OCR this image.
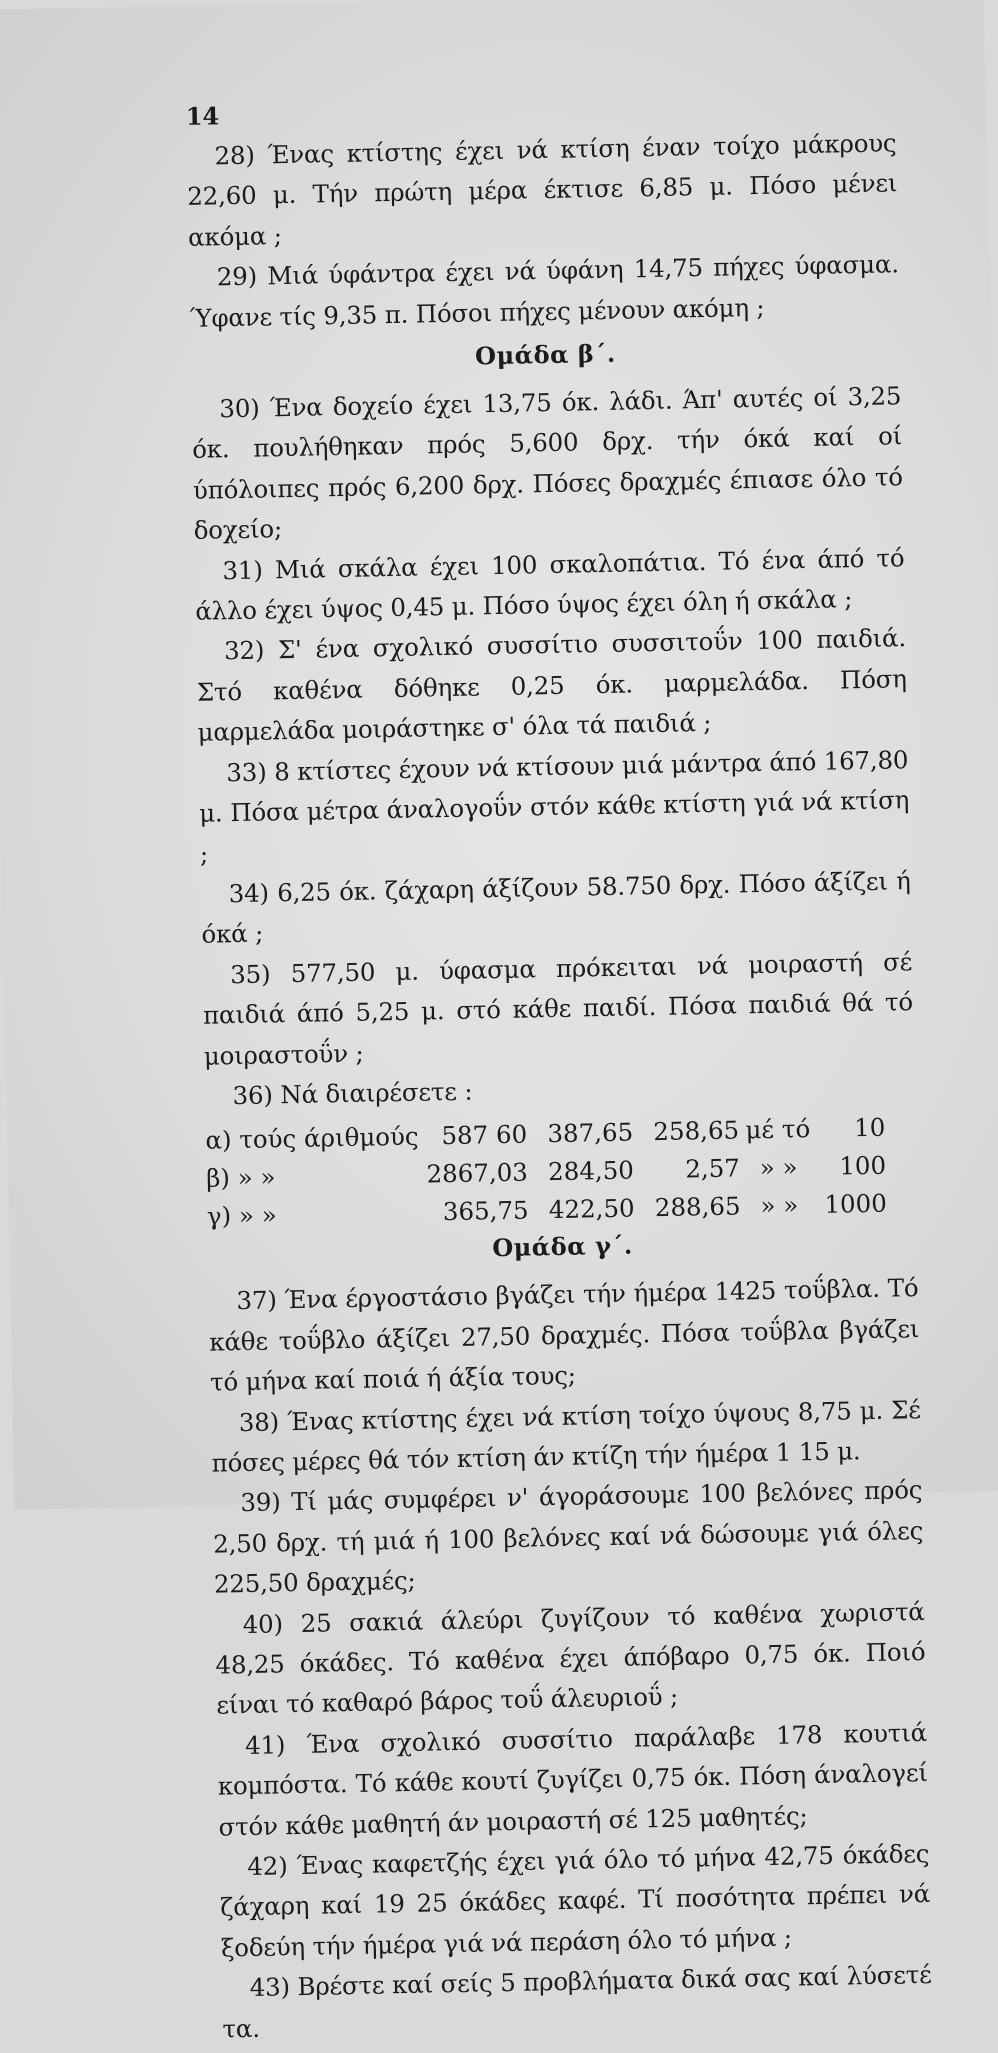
14

28) Ένας κτίστης έχει νά κτίση έναν τοίχο μάκρους 22,60 μ. Τήν πρώτη μέρα έκτισε 6,85 μ. Πόσο μένει ακόμα ;

29) Μιά ύφάντρα έχει νά ύφάνη 14,75 πήχες ύφασμα. Ύφανε τίς 9,35 π. Πόσοι πήχες μένουν ακόμη ;

Ομάδα β΄.

30) Ένα δοχείο έχει 13,75 όκ. λάδι. Άπ' αυτές οί 3,25 όκ. πουλήθηκαν πρός 5,600 δρχ. τήν όκά καί οί ύπόλοιπες πρός 6,200 δρχ. Πόσες δραχμές έπιασε όλο τό δοχείο;

31) Μιά σκάλα έχει 100 σκαλοπάτια. Τό ένα άπό τό άλλο έχει ύψος 0,45 μ. Πόσο ύψος έχει όλη ή σκάλα ;

32) Σ' ένα σχολικό συσσίτιο συσσιτοΰν 100 παιδιά. Στό καθένα δόθηκε 0,25 όκ. μαρμελάδα. Πόση μαρμελάδα μοιράστηκε σ' όλα τά παιδιά ;

33) 8 κτίστες έχουν νά κτίσουν μιά μάντρα άπό 167,80 μ. Πόσα μέτρα άναλογοΰν στόν κάθε κτίστη γιά νά κτίση ;

34) 6,25 όκ. ζάχαρη άξίζουν 58.750 δρχ. Πόσο άξίζει ή όκά ;

35) 577,50 μ. ύφασμα πρόκειται νά μοιραστή σέ παιδιά άπό 5,25 μ. στό κάθε παιδί. Πόσα παιδιά θά τό μοιραστοΰν ;

36) Νά διαιρέσετε :

α) τούς άριθμούς	587 60	387,65	258,65	μέ τό	10
β) » »	2867,03	284,50	2,57	» »	100
γ) » »	365,75	422,50	288,65	» »	1000
Ομάδα γ΄.

37) Ένα έργοστάσιο βγάζει τήν ήμέρα 1425 τοΰβλα. Τό κάθε τοΰβλο άξίζει 27,50 δραχμές. Πόσα τοΰβλα βγάζει τό μήνα καί ποιά ή άξία τους;

38) Ένας κτίστης έχει νά κτίση τοίχο ύψους 8,75 μ. Σέ πόσες μέρες θά τόν κτίση άν κτίζη τήν ήμέρα 1 15 μ.

39) Τί μάς συμφέρει ν' άγοράσουμε 100 βελόνες πρός 2,50 δρχ. τή μιά ή 100 βελόνες καί νά δώσουμε γιά όλες 225,50 δραχμές;

40) 25 σακιά άλεύρι ζυγίζουν τό καθένα χωριστά 48,25 όκάδες. Τό καθένα έχει άπόβαρο 0,75 όκ. Ποιό είναι τό καθαρό βάρος τοΰ άλευριοΰ ;

41) Ένα σχολικό συσσίτιο παράλαβε 178 κουτιά κομπόστα. Τό κάθε κουτί ζυγίζει 0,75 όκ. Πόση άναλογεί στόν κάθε μαθητή άν μοιραστή σέ 125 μαθητές;

42) Ένας καφετζής έχει γιά όλο τό μήνα 42,75 όκάδες ζάχαρη καί 19 25 όκάδες καφέ. Τί ποσότητα πρέπει νά ξοδεύη τήν ήμέρα γιά νά περάση όλο τό μήνα ;

43) Βρέστε καί σείς 5 προβλήματα δικά σας καί λύσετέ τα.
